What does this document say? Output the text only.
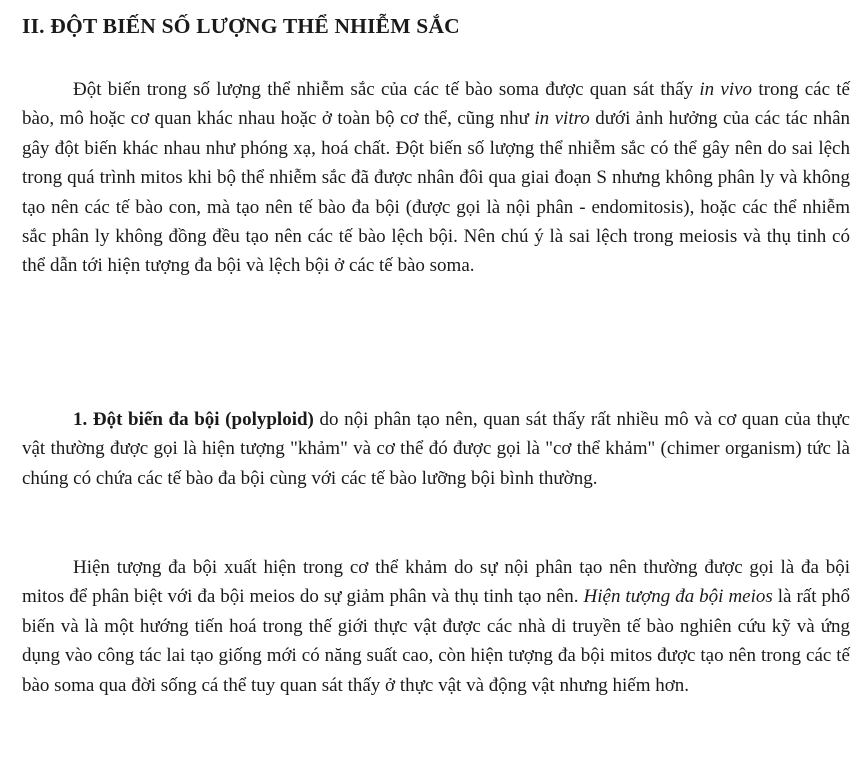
II. ĐỘT BIẾN SỐ LƯỢNG THỂ NHIỄM SẮC

Đột biến trong số lượng thể nhiễm sắc của các tế bào soma được quan sát thấy in vivo trong các tế bào, mô hoặc cơ quan khác nhau hoặc ở toàn bộ cơ thể, cũng như in vitro dưới ảnh hưởng của các tác nhân gây đột biến khác nhau như phóng xạ, hoá chất. Đột biến số lượng thể nhiễm sắc có thể gây nên do sai lệch trong quá trình mitos khi bộ thể nhiễm sắc đã được nhân đôi qua giai đoạn S nhưng không phân ly và không tạo nên các tế bào con, mà tạo nên tế bào đa bội (được gọi là nội phân - endomitosis), hoặc các thể nhiễm sắc phân ly không đồng đều tạo nên các tế bào lệch bội. Nên chú ý là sai lệch trong meiosis và thụ tinh có thể dẫn tới hiện tượng đa bội và lệch bội ở các tế bào soma.

1. Đột biến đa bội (polyploid) do nội phân tạo nên, quan sát thấy rất nhiều mô và cơ quan của thực vật thường được gọi là hiện tượng "khảm" và cơ thể đó được gọi là "cơ thể khảm" (chimer organism) tức là chúng có chứa các tế bào đa bội cùng với các tế bào lưỡng bội bình thường.

Hiện tượng đa bội xuất hiện trong cơ thể khảm do sự nội phân tạo nên thường được gọi là đa bội mitos để phân biệt với đa bội meios do sự giảm phân và thụ tinh tạo nên. Hiện tượng đa bội meios là rất phổ biến và là một hướng tiến hoá trong thế giới thực vật được các nhà di truyền tế bào nghiên cứu kỹ và ứng dụng vào công tác lai tạo giống mới có năng suất cao, còn hiện tượng đa bội mitos được tạo nên trong các tế bào soma qua đời sống cá thể tuy quan sát thấy ở thực vật và động vật nhưng hiếm hơn.
